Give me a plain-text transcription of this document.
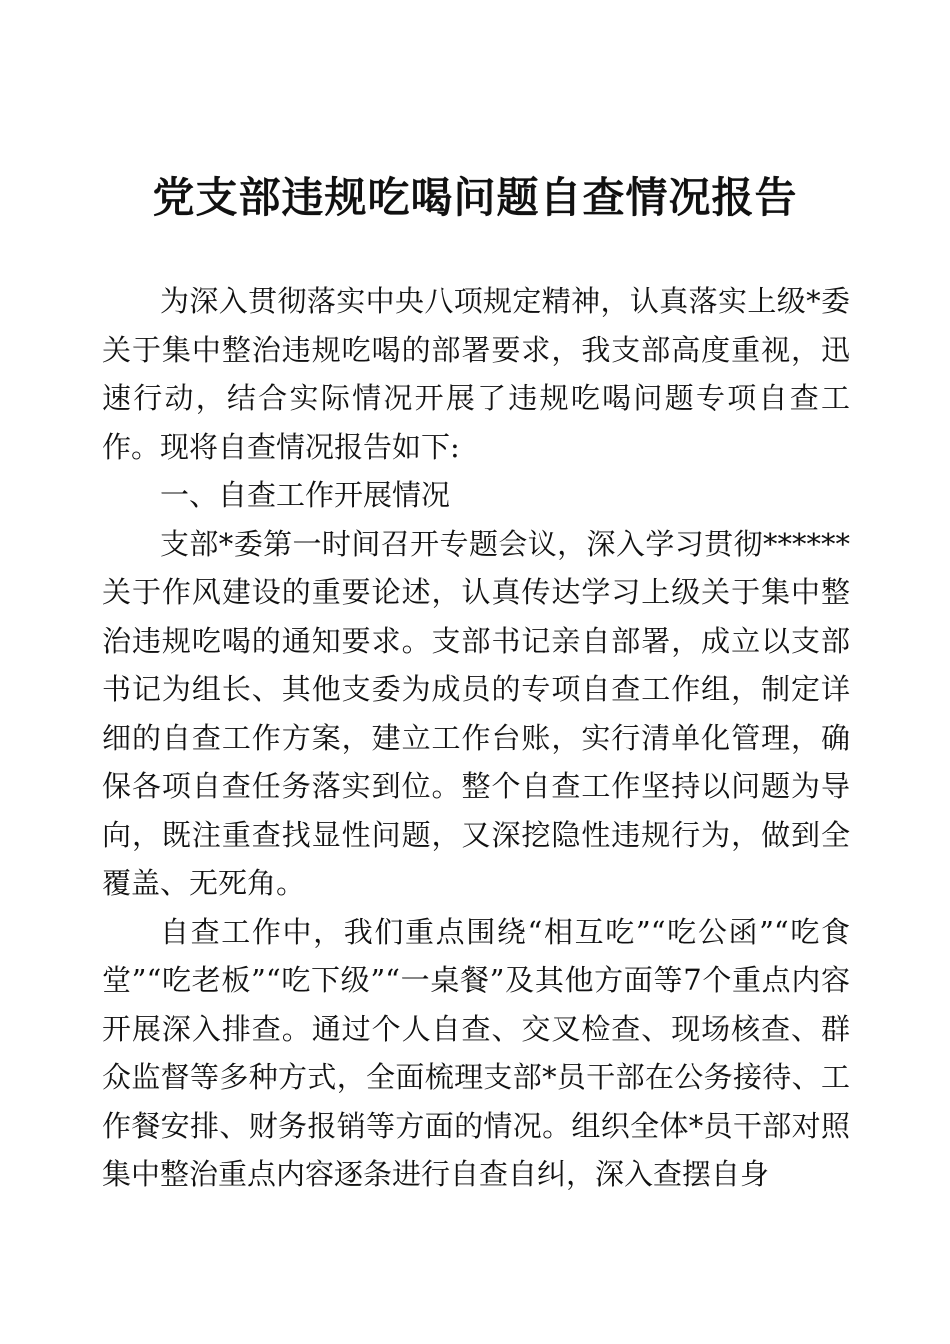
党支部违规吃喝问题自查情况报告

为深入贯彻落实中央八项规定精神，认真落实上级*委关于集中整治违规吃喝的部署要求，我支部高度重视，迅速行动，结合实际情况开展了违规吃喝问题专项自查工作。现将自查情况报告如下:

一、自查工作开展情况

支部*委第一时间召开专题会议，深入学习贯彻******关于作风建设的重要论述，认真传达学习上级关于集中整治违规吃喝的通知要求。支部书记亲自部署，成立以支部书记为组长、其他支委为成员的专项自查工作组，制定详细的自查工作方案，建立工作台账，实行清单化管理，确保各项自查任务落实到位。整个自查工作坚持以问题为导向，既注重查找显性问题，又深挖隐性违规行为，做到全覆盖、无死角。

自查工作中，我们重点围绕“相互吃”“吃公函”“吃食堂”“吃老板”“吃下级”“一桌餐”及其他方面等7个重点内容开展深入排查。通过个人自查、交叉检查、现场核查、群众监督等多种方式，全面梳理支部*员干部在公务接待、工作餐安排、财务报销等方面的情况。组织全体*员干部对照集中整治重点内容逐条进行自查自纠，深入查摆自身
